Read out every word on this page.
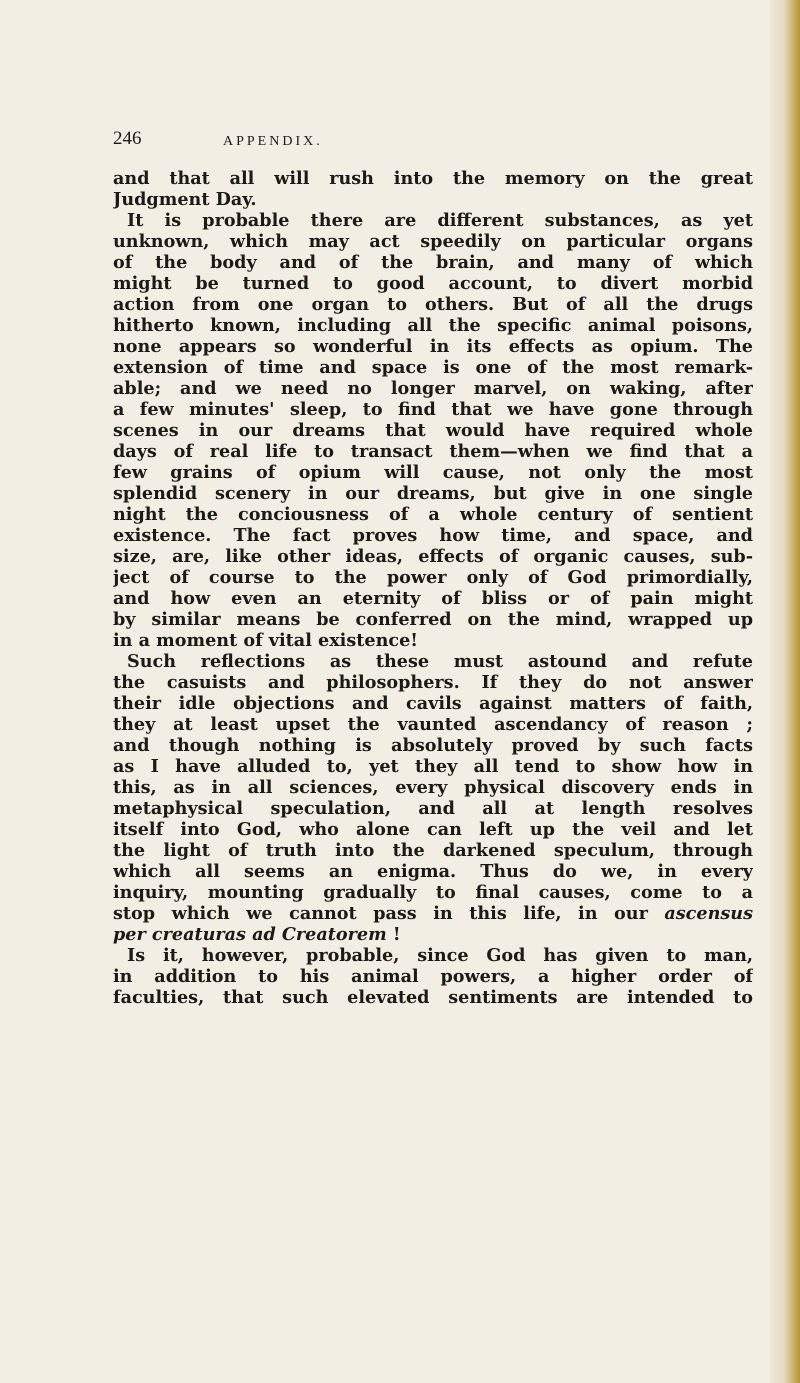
246	APPENDIX.
and that all will rush into the memory on the great
Judgment Day.
It is probable there are different substances, as yet
unknown, which may act speedily on particular organs
of the body and of the brain, and many of which
might be turned to good account, to divert morbid
action from one organ to others. But of all the drugs
hitherto known, including all the specific animal poisons,
none appears so wonderful in its effects as opium. The
extension of time and space is one of the most remark-
able; and we need no longer marvel, on waking, after
a few minutes' sleep, to find that we have gone through
scenes in our dreams that would have required whole
days of real life to transact them—when we find that a
few grains of opium will cause, not only the most
splendid scenery in our dreams, but give in one single
night the conciousness of a whole century of sentient
existence. The fact proves how time, and space, and
size, are, like other ideas, effects of organic causes, sub-
ject of course to the power only of God primordially,
and how even an eternity of bliss or of pain might
by similar means be conferred on the mind, wrapped up
in a moment of vital existence!
Such reflections as these must astound and refute
the casuists and philosophers. If they do not answer
their idle objections and cavils against matters of faith,
they at least upset the vaunted ascendancy of reason ;
and though nothing is absolutely proved by such facts
as I have alluded to, yet they all tend to show how in
this, as in all sciences, every physical discovery ends in
metaphysical speculation, and all at length resolves
itself into God, who alone can left up the veil and let
the light of truth into the darkened speculum, through
which all seems an enigma. Thus do we, in every
inquiry, mounting gradually to final causes, come to a
stop which we cannot pass in this life, in our ascensus
per creaturas ad Creatorem !
Is it, however, probable, since God has given to man,
in addition to his animal powers, a higher order of
faculties, that such elevated sentiments are intended to
